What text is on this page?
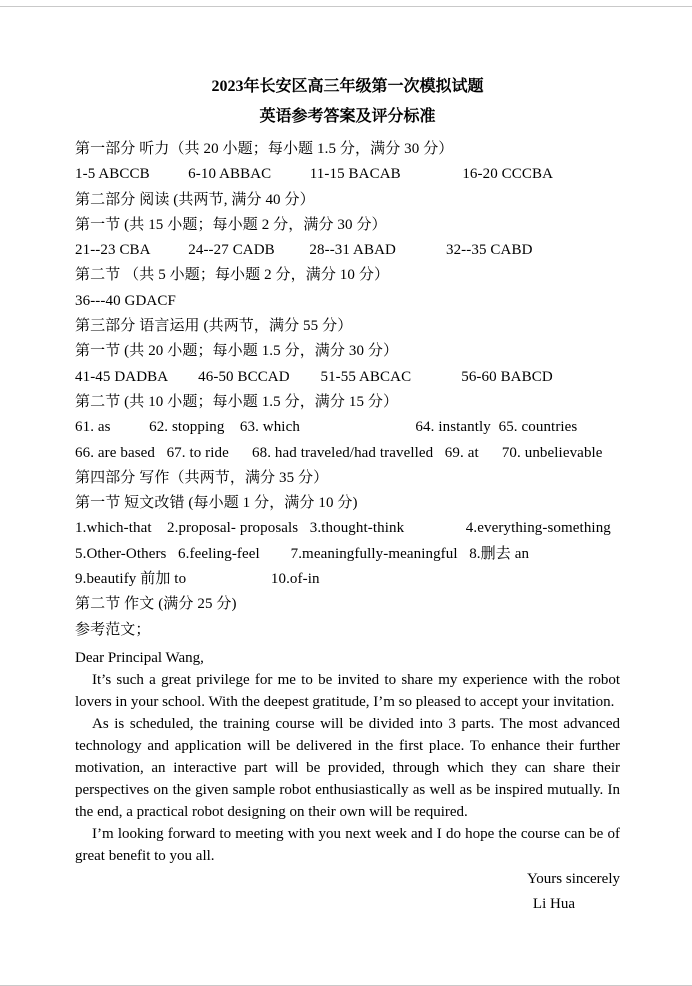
2023年长安区高三年级第一次模拟试题

英语参考答案及评分标准

第一部分 听力（共 20 小题；每小题 1.5 分，满分 30 分）
1-5 ABCCB          6-10 ABBAC          11-15 BACAB                16-20 CCCBA
第二部分 阅读 (共两节, 满分 40 分）
第一节 (共 15 小题；每小题 2 分，满分 30 分）
21--23 CBA          24--27 CADB         28--31 ABAD             32--35 CABD
第二节 （共 5 小题；每小题 2 分，满分 10 分）
36---40 GDACF
第三部分 语言运用 (共两节，满分 55 分）
第一节 (共 20 小题；每小题 1.5 分，满分 30 分）
41-45 DADBA        46-50 BCCAD        51-55 ABCAC             56-60 BABCD
第二节 (共 10 小题；每小题 1.5 分，满分 15 分）
61. as          62. stopping    63. which                              64. instantly  65. countries
66. are based   67. to ride      68. had traveled/had travelled   69. at      70. unbelievable
第四部分 写作（共两节，满分 35 分）
第一节 短文改错 (每小题 1 分，满分 10 分)
1.which-that    2.proposal- proposals   3.thought-think                4.everything-something
5.Other-Others   6.feeling-feel        7.meaningfully-meaningful   8.删去 an
9.beautify 前加 to                      10.of-in
第二节 作文 (满分 25 分)
参考范文；

Dear Principal Wang,

It’s such a great privilege for me to be invited to share my experience with the robot lovers in your school. With the deepest gratitude, I’m so pleased to accept your invitation.

As is scheduled, the training course will be divided into 3 parts. The most advanced technology and application will be delivered in the first place. To enhance their further motivation, an interactive part will be provided, through which they can share their perspectives on the given sample robot enthusiastically as well as be inspired mutually. In the end, a practical robot designing on their own will be required.

I’m looking forward to meeting with you next week and I do hope the course can be of great benefit to you all.

Yours sincerely

Li Hua
